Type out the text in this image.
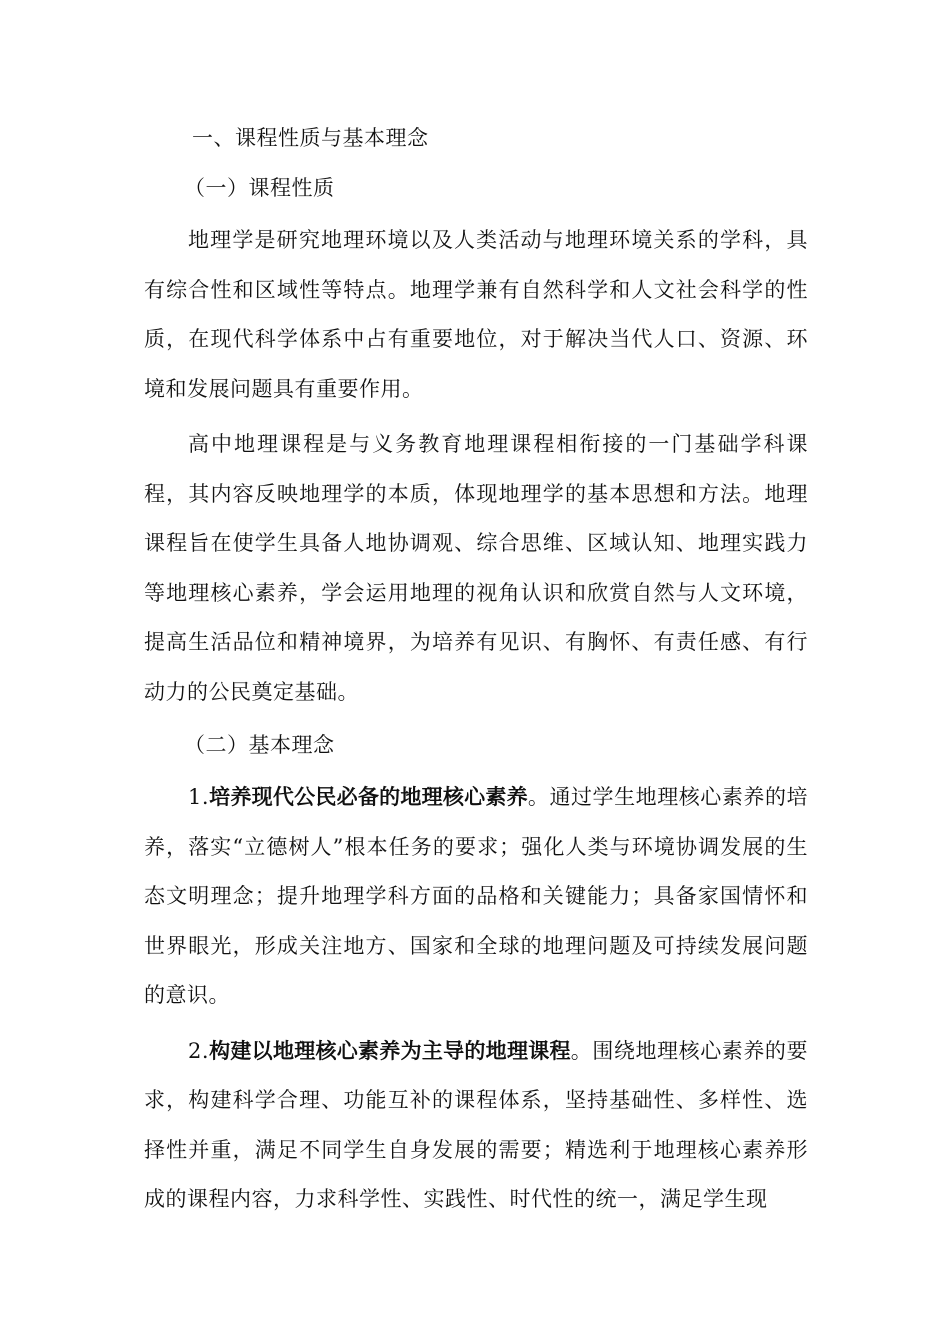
一、课程性质与基本理念
（一）课程性质

地理学是研究地理环境以及人类活动与地理环境关系的学科，具有综合性和区域性等特点。地理学兼有自然科学和人文社会科学的性质，在现代科学体系中占有重要地位，对于解决当代人口、资源、环境和发展问题具有重要作用。

高中地理课程是与义务教育地理课程相衔接的一门基础学科课程，其内容反映地理学的本质，体现地理学的基本思想和方法。地理课程旨在使学生具备人地协调观、综合思维、区域认知、地理实践力等地理核心素养，学会运用地理的视角认识和欣赏自然与人文环境，提高生活品位和精神境界，为培养有见识、有胸怀、有责任感、有行动力的公民奠定基础。

（二）基本理念

1.培养现代公民必备的地理核心素养。通过学生地理核心素养的培养，落实“立德树人”根本任务的要求；强化人类与环境协调发展的生态文明理念；提升地理学科方面的品格和关键能力；具备家国情怀和世界眼光，形成关注地方、国家和全球的地理问题及可持续发展问题的意识。

2.构建以地理核心素养为主导的地理课程。围绕地理核心素养的要求，构建科学合理、功能互补的课程体系，坚持基础性、多样性、选择性并重，满足不同学生自身发展的需要；精选利于地理核心素养形成的课程内容，力求科学性、实践性、时代性的统一，满足学生现
